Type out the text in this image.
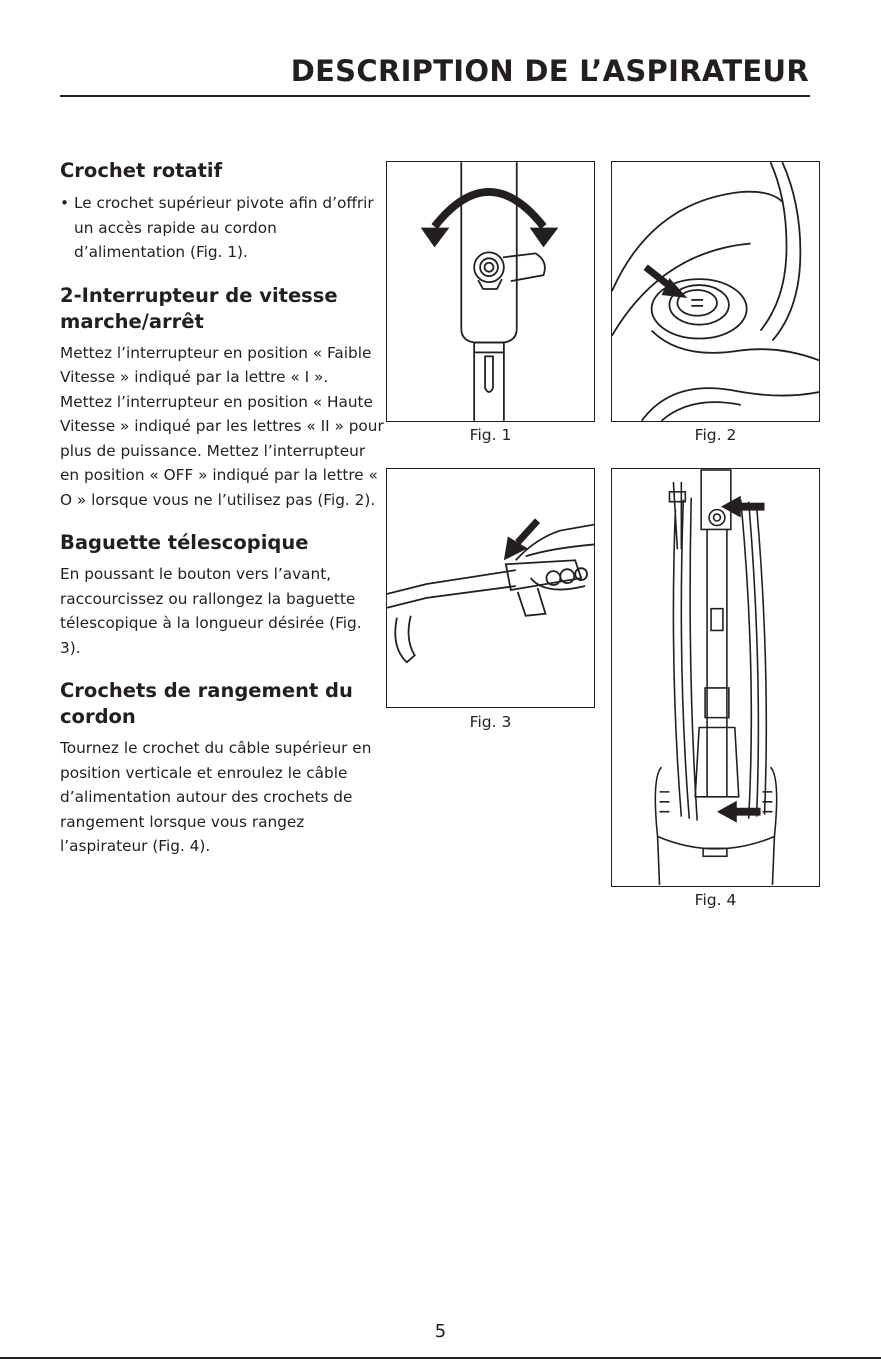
DESCRIPTION DE L’ASPIRATEUR
Crochet rotatif
• Le crochet supérieur pivote afin d’offrir un accès rapide au cordon d’alimentation (Fig. 1).
2-Interrupteur de vitesse marche/arrêt

Mettez l’interrupteur en position « Faible Vitesse » indiqué par la lettre « I ». Mettez l’interrupteur en position « Haute Vitesse » indiqué par les lettres « II » pour plus de puissance. Mettez l’interrupteur en position « OFF » indiqué par la lettre « O » lorsque vous ne l’utilisez pas (Fig. 2).

Baguette télescopique

En poussant le bouton vers l’avant, raccourcissez ou rallongez la baguette télescopique à la longueur désirée (Fig. 3).

Crochets de rangement du cordon

Tournez le crochet du câble supérieur en position verticale et enroulez le câble d’alimentation autour des crochets de rangement lorsque vous rangez l’aspirateur (Fig. 4).

Fig. 1	Fig. 2
Fig. 3
Fig. 4
5
